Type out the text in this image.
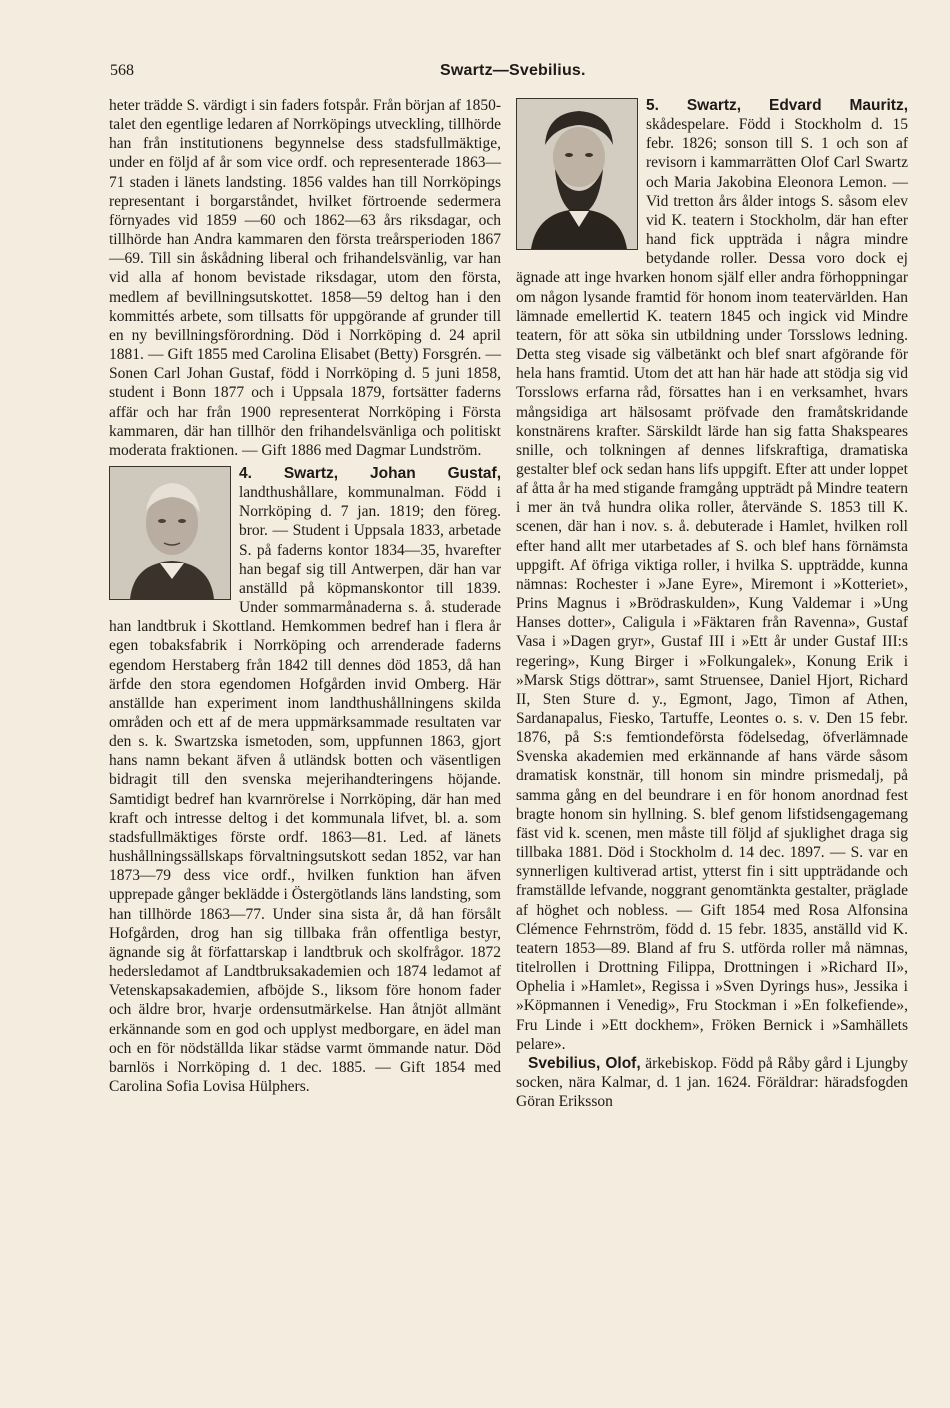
568	Swartz—Svebilius.

heter trädde S. värdigt i sin faders fotspår. Från början af 1850-talet den egentlige ledaren af Norrköpings utveckling, tillhörde han från institutionens begynnelse dess stadsfullmäktige, under en följd af år som vice ordf. och representerade 1863—71 staden i länets landsting. 1856 valdes han till Norrköpings representant i borgarståndet, hvilket förtroende sedermera förnyades vid 1859 —60 och 1862—63 års riksdagar, och tillhörde han Andra kammaren den första treårsperioden 1867—69. Till sin åskådning liberal och frihandelsvänlig, var han vid alla af honom bevistade riksdagar, utom den första, medlem af bevillningsutskottet. 1858—59 deltog han i den kommittés arbete, som tillsatts för uppgörande af grunder till en ny bevillningsförordning. Död i Norrköping d. 24 april 1881. — Gift 1855 med Carolina Elisabet (Betty) Forsgrén. — Sonen Carl Johan Gustaf, född i Norrköping d. 5 juni 1858, student i Bonn 1877 och i Uppsala 1879, fortsätter faderns affär och har från 1900 representerat Norrköping i Första kammaren, där han tillhör den frihandelsvänliga och politiskt moderata fraktionen. — Gift 1886 med Dagmar Lundström.

4. Swartz, Johan Gustaf, landthushållare, kommunalman. Född i Norrköping d. 7 jan. 1819; den föreg. bror. — Student i Uppsala 1833, arbetade S. på faderns kontor 1834—35, hvarefter han begaf sig till Antwerpen, där han var anställd på köpmanskontor till 1839. Under sommarmånaderna s. å. studerade han landtbruk i Skottland. Hemkommen bedref han i flera år egen tobaksfabrik i Norrköping och arrenderade faderns egendom Herstaberg från 1842 till dennes död 1853, då han ärfde den stora egendomen Hofgården invid Omberg. Här anställde han experiment inom landthushållningens skilda områden och ett af de mera uppmärksammade resultaten var den s. k. Swartzska ismetoden, som, uppfunnen 1863, gjort hans namn bekant äfven å utländsk botten och väsentligen bidragit till den svenska mejerihandteringens höjande. Samtidigt bedref han kvarnrörelse i Norrköping, där han med kraft och intresse deltog i det kommunala lifvet, bl. a. som stadsfullmäktiges förste ordf. 1863—81. Led. af länets hushållningssällskaps förvaltningsutskott sedan 1852, var han 1873—79 dess vice ordf., hvilken funktion han äfven upprepade gånger beklädde i Östergötlands läns landsting, som han tillhörde 1863—77. Under sina sista år, då han försålt Hofgården, drog han sig tillbaka från offentliga bestyr, ägnande sig åt författarskap i landtbruk och skolfrågor. 1872 hedersledamot af Landtbruksakademien och 1874 ledamot af Vetenskapsakademien, afböjde S., liksom före honom fader och äldre bror, hvarje ordensutmärkelse. Han åtnjöt allmänt erkännande som en god och upplyst medborgare, en ädel man och en för nödställda likar städse varmt ömmande natur. Död barnlös i Norrköping d. 1 dec. 1885. — Gift 1854 med Carolina Sofia Lovisa Hülphers.

5. Swartz, Edvard Mauritz, skådespelare. Född i Stockholm d. 15 febr. 1826; sonson till S. 1 och son af revisorn i kammarrätten Olof Carl Swartz och Maria Jakobina Eleonora Lemon. — Vid tretton års ålder intogs S. såsom elev vid K. teatern i Stockholm, där han efter hand fick uppträda i några mindre betydande roller. Dessa voro dock ej ägnade att inge hvarken honom själf eller andra förhoppningar om någon lysande framtid för honom inom teatervärlden. Han lämnade emellertid K. teatern 1845 och ingick vid Mindre teatern, för att söka sin utbildning under Torsslows ledning. Detta steg visade sig välbetänkt och blef snart afgörande för hela hans framtid. Utom det att han här hade att stödja sig vid Torsslows erfarna råd, försattes han i en verksamhet, hvars mångsidiga art hälsosamt pröfvade den framåtskridande konstnärens krafter. Särskildt lärde han sig fatta Shakspeares snille, och tolkningen af dennes lifskraftiga, dramatiska gestalter blef ock sedan hans lifs uppgift. Efter att under loppet af åtta år ha med stigande framgång uppträdt på Mindre teatern i mer än två hundra olika roller, återvände S. 1853 till K. scenen, där han i nov. s. å. debuterade i Hamlet, hvilken roll efter hand allt mer utarbetades af S. och blef hans förnämsta uppgift. Af öfriga viktiga roller, i hvilka S. uppträdde, kunna nämnas: Rochester i »Jane Eyre», Miremont i »Kotteriet», Prins Magnus i »Brödraskulden», Kung Valdemar i »Ung Hanses dotter», Caligula i »Fäktaren från Ravenna», Gustaf Vasa i »Dagen gryr», Gustaf III i »Ett år under Gustaf III:s regering», Kung Birger i »Folkungalek», Konung Erik i »Marsk Stigs döttrar», samt Struensee, Daniel Hjort, Richard II, Sten Sture d. y., Egmont, Jago, Timon af Athen, Sardanapalus, Fiesko, Tartuffe, Leontes o. s. v. Den 15 febr. 1876, på S:s femtiondeförsta födelsedag, öfverlämnade Svenska akademien med erkännande af hans värde såsom dramatisk konstnär, till honom sin mindre prismedalj, på samma gång en del beundrare i en för honom anordnad fest bragte honom sin hyllning. S. blef genom lifstidsengagemang fäst vid k. scenen, men måste till följd af sjuklighet draga sig tillbaka 1881. Död i Stockholm d. 14 dec. 1897. — S. var en synnerligen kultiverad artist, ytterst fin i sitt uppträdande och framställde lefvande, noggrant genomtänkta gestalter, präglade af höghet och nobless. — Gift 1854 med Rosa Alfonsina Clémence Fehrnström, född d. 15 febr. 1835, anställd vid K. teatern 1853—89. Bland af fru S. utförda roller må nämnas, titelrollen i Drottning Filippa, Drottningen i »Richard II», Ophelia i »Hamlet», Regissa i »Sven Dyrings hus», Jessika i »Köpmannen i Venedig», Fru Stockman i »En folkefiende», Fru Linde i »Ett dockhem», Fröken Bernick i »Samhällets pelare».

Svebilius, Olof, ärkebiskop. Född på Råby gård i Ljungby socken, nära Kalmar, d. 1 jan. 1624. Föräldrar: häradsfogden Göran Eriksson
